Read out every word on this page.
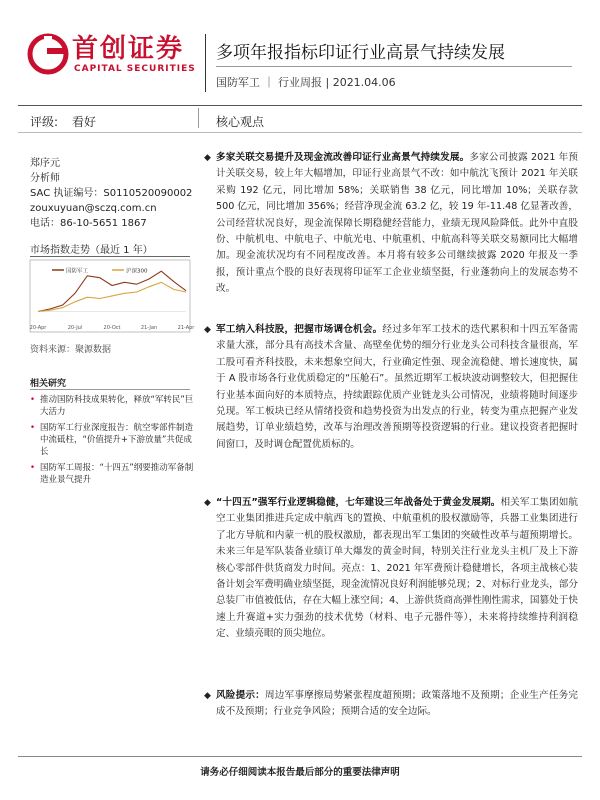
首创证券
CAPITAL SECURITIES
多项年报指标印证行业高景气持续发展
国防军工 ｜ 行业周报 | 2021.04.06
评级: 看好	核心观点
郑序元
分析师
SAC 执证编号：S0110520090002
zouxuyuan@sczq.com.cn
电话：86-10-5651 1867
市场指数走势（最近 1 年）
国防军工	沪深300
20-Apr	20-Jul	20-Oct	21-Jan	21-Apr
资料来源：聚源数据
相关研究
• 推动国防科技成果转化，释放“军转民”巨大活力
• 国防军工行业深度报告：航空零部件制造中流砥柱，“价值提升+下游放量”共促成长
• 国防军工周报：“十四五”纲要推动军备制造业景气提升
◆ 多家关联交易提升及现金流改善印证行业高景气持续发展。多家公司披露 2021 年预计关联交易，较上年大幅增加，印证行业高景气不改：如中航沈飞预计 2021 年关联采购 192 亿元，同比增加 58%；关联销售 38 亿元，同比增加 10%；关联存款 500 亿元，同比增加 356%；经营净现金流 63.2 亿，较 19 年-11.48 亿显著改善，公司经营状况良好，现金流保障长期稳健经营能力，业绩无现风险降低。此外中直股份、中航机电、中航电子、中航光电、中航重机、中航高科等关联交易额同比大幅增加。现金流状况均有不同程度改善。本月将有较多公司继续披露 2020 年报及一季报，预计重点个股的良好表现将印证军工企业业绩坚挺，行业蓬勃向上的发展态势不改。

◆ 军工纳入科技股，把握市场调仓机会。经过多年军工技术的迭代累积和十四五军备需求量大涨，部分具有高技术含量、高壁垒优势的细分行业龙头公司科技含量很高，军工股可看齐科技股，未来想象空间大，行业确定性强、现金流稳健、增长速度快，属于 A 股市场各行业优质稳定的“压舱石”。虽然近期军工板块波动调整较大，但把握住行业基本面向好的本质特点，持续跟踪优质产业链龙头公司情况，业绩将随时间逐步兑现。军工板块已经从情绪投资和趋势投资为出发点的行业，转变为重点把握产业发展趋势，订单业绩趋势，改革与治理改善预期等投资逻辑的行业。建议投资者把握时间窗口，及时调仓配置优质标的。

◆ “十四五”强军行业逻辑稳健，七年建设三年战备处于黄金发展期。相关军工集团如航空工业集团推进兵定成中航西飞的置换、中航重机的股权激励等，兵器工业集团进行了北方导航和内蒙一机的股权激励，都表现出军工集团的突破性改革与超预期增长。未来三年是军队装备业绩订单大爆发的黄金时间，特别关注行业龙头主机厂及上下游核心零部件供货商发力时间。亮点：1、2021 年军费预计稳健增长，各项主战核心装备计划会军费明确业绩坚挺，现金流情况良好利润能够兑现；2、对标行业龙头，部分总装厂市值被低估，存在大幅上涨空间；4、上游供货商高弹性刚性需求，国篡处于快速上升赛道+实力强劲的技术优势（材料、电子元器件等），未来将持续维持利润稳定、业绩亮眼的顶尖地位。

◆ 风险提示：周边军事摩擦局势紧张程度超预期；政策落地不及预期；企业生产任务完成不及预期；行业竞争风险；预期合适的安全边际。

请务必仔细阅读本报告最后部分的重要法律声明
